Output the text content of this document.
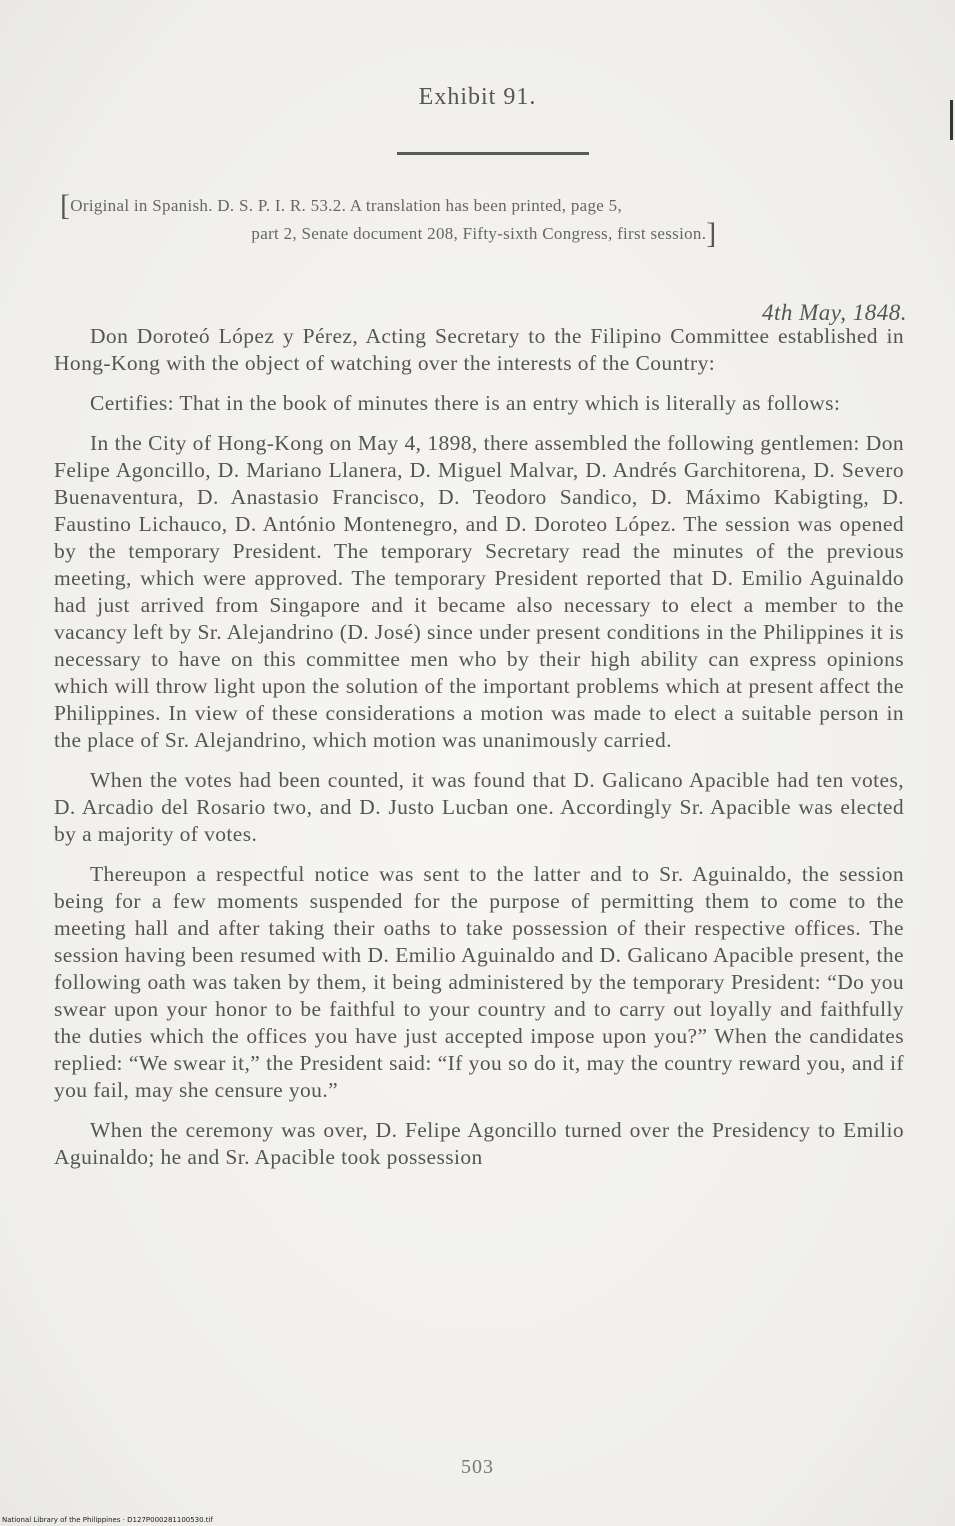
Exhibit 91.
[Original in Spanish. D. S. P. I. R. 53.2. A translation has been printed, page 5,
part 2, Senate document 208, Fifty-sixth Congress, first session.]
4th May, 1848.

Don Doroteó López y Pérez, Acting Secretary to the Filipino Committee established in Hong-Kong with the object of watching over the interests of the Country:

Certifies: That in the book of minutes there is an entry which is literally as follows:

In the City of Hong-Kong on May 4, 1898, there assembled the following gentlemen: Don Felipe Agoncillo, D. Mariano Llanera, D. Miguel Malvar, D. Andrés Garchitorena, D. Severo Buenaventura, D. Anastasio Francisco, D. Teodoro Sandico, D. Máximo Kabigting, D. Faustino Lichauco, D. António Montenegro, and D. Doroteo López. The session was opened by the temporary President. The temporary Secretary read the minutes of the previous meeting, which were approved. The temporary President reported that D. Emilio Aguinaldo had just arrived from Singapore and it became also necessary to elect a member to the vacancy left by Sr. Alejandrino (D. José) since under present conditions in the Philippines it is necessary to have on this committee men who by their high ability can express opinions which will throw light upon the solution of the important problems which at present affect the Philippines. In view of these considerations a motion was made to elect a suitable person in the place of Sr. Alejandrino, which motion was unanimously carried.

When the votes had been counted, it was found that D. Galicano Apacible had ten votes, D. Arcadio del Rosario two, and D. Justo Lucban one. Accordingly Sr. Apacible was elected by a majority of votes.

Thereupon a respectful notice was sent to the latter and to Sr. Aguinaldo, the session being for a few moments suspended for the purpose of permitting them to come to the meeting hall and after taking their oaths to take possession of their respective offices. The session having been resumed with D. Emilio Aguinaldo and D. Galicano Apacible present, the following oath was taken by them, it being administered by the temporary President: “Do you swear upon your honor to be faithful to your country and to carry out loyally and faithfully the duties which the offices you have just accepted impose upon you?” When the candidates replied: “We swear it,” the President said: “If you so do it, may the country reward you, and if you fail, may she censure you.”

When the ceremony was over, D. Felipe Agoncillo turned over the Presidency to Emilio Aguinaldo; he and Sr. Apacible took possession

503
National Library of the Philippines · D127P000281100530.tif
